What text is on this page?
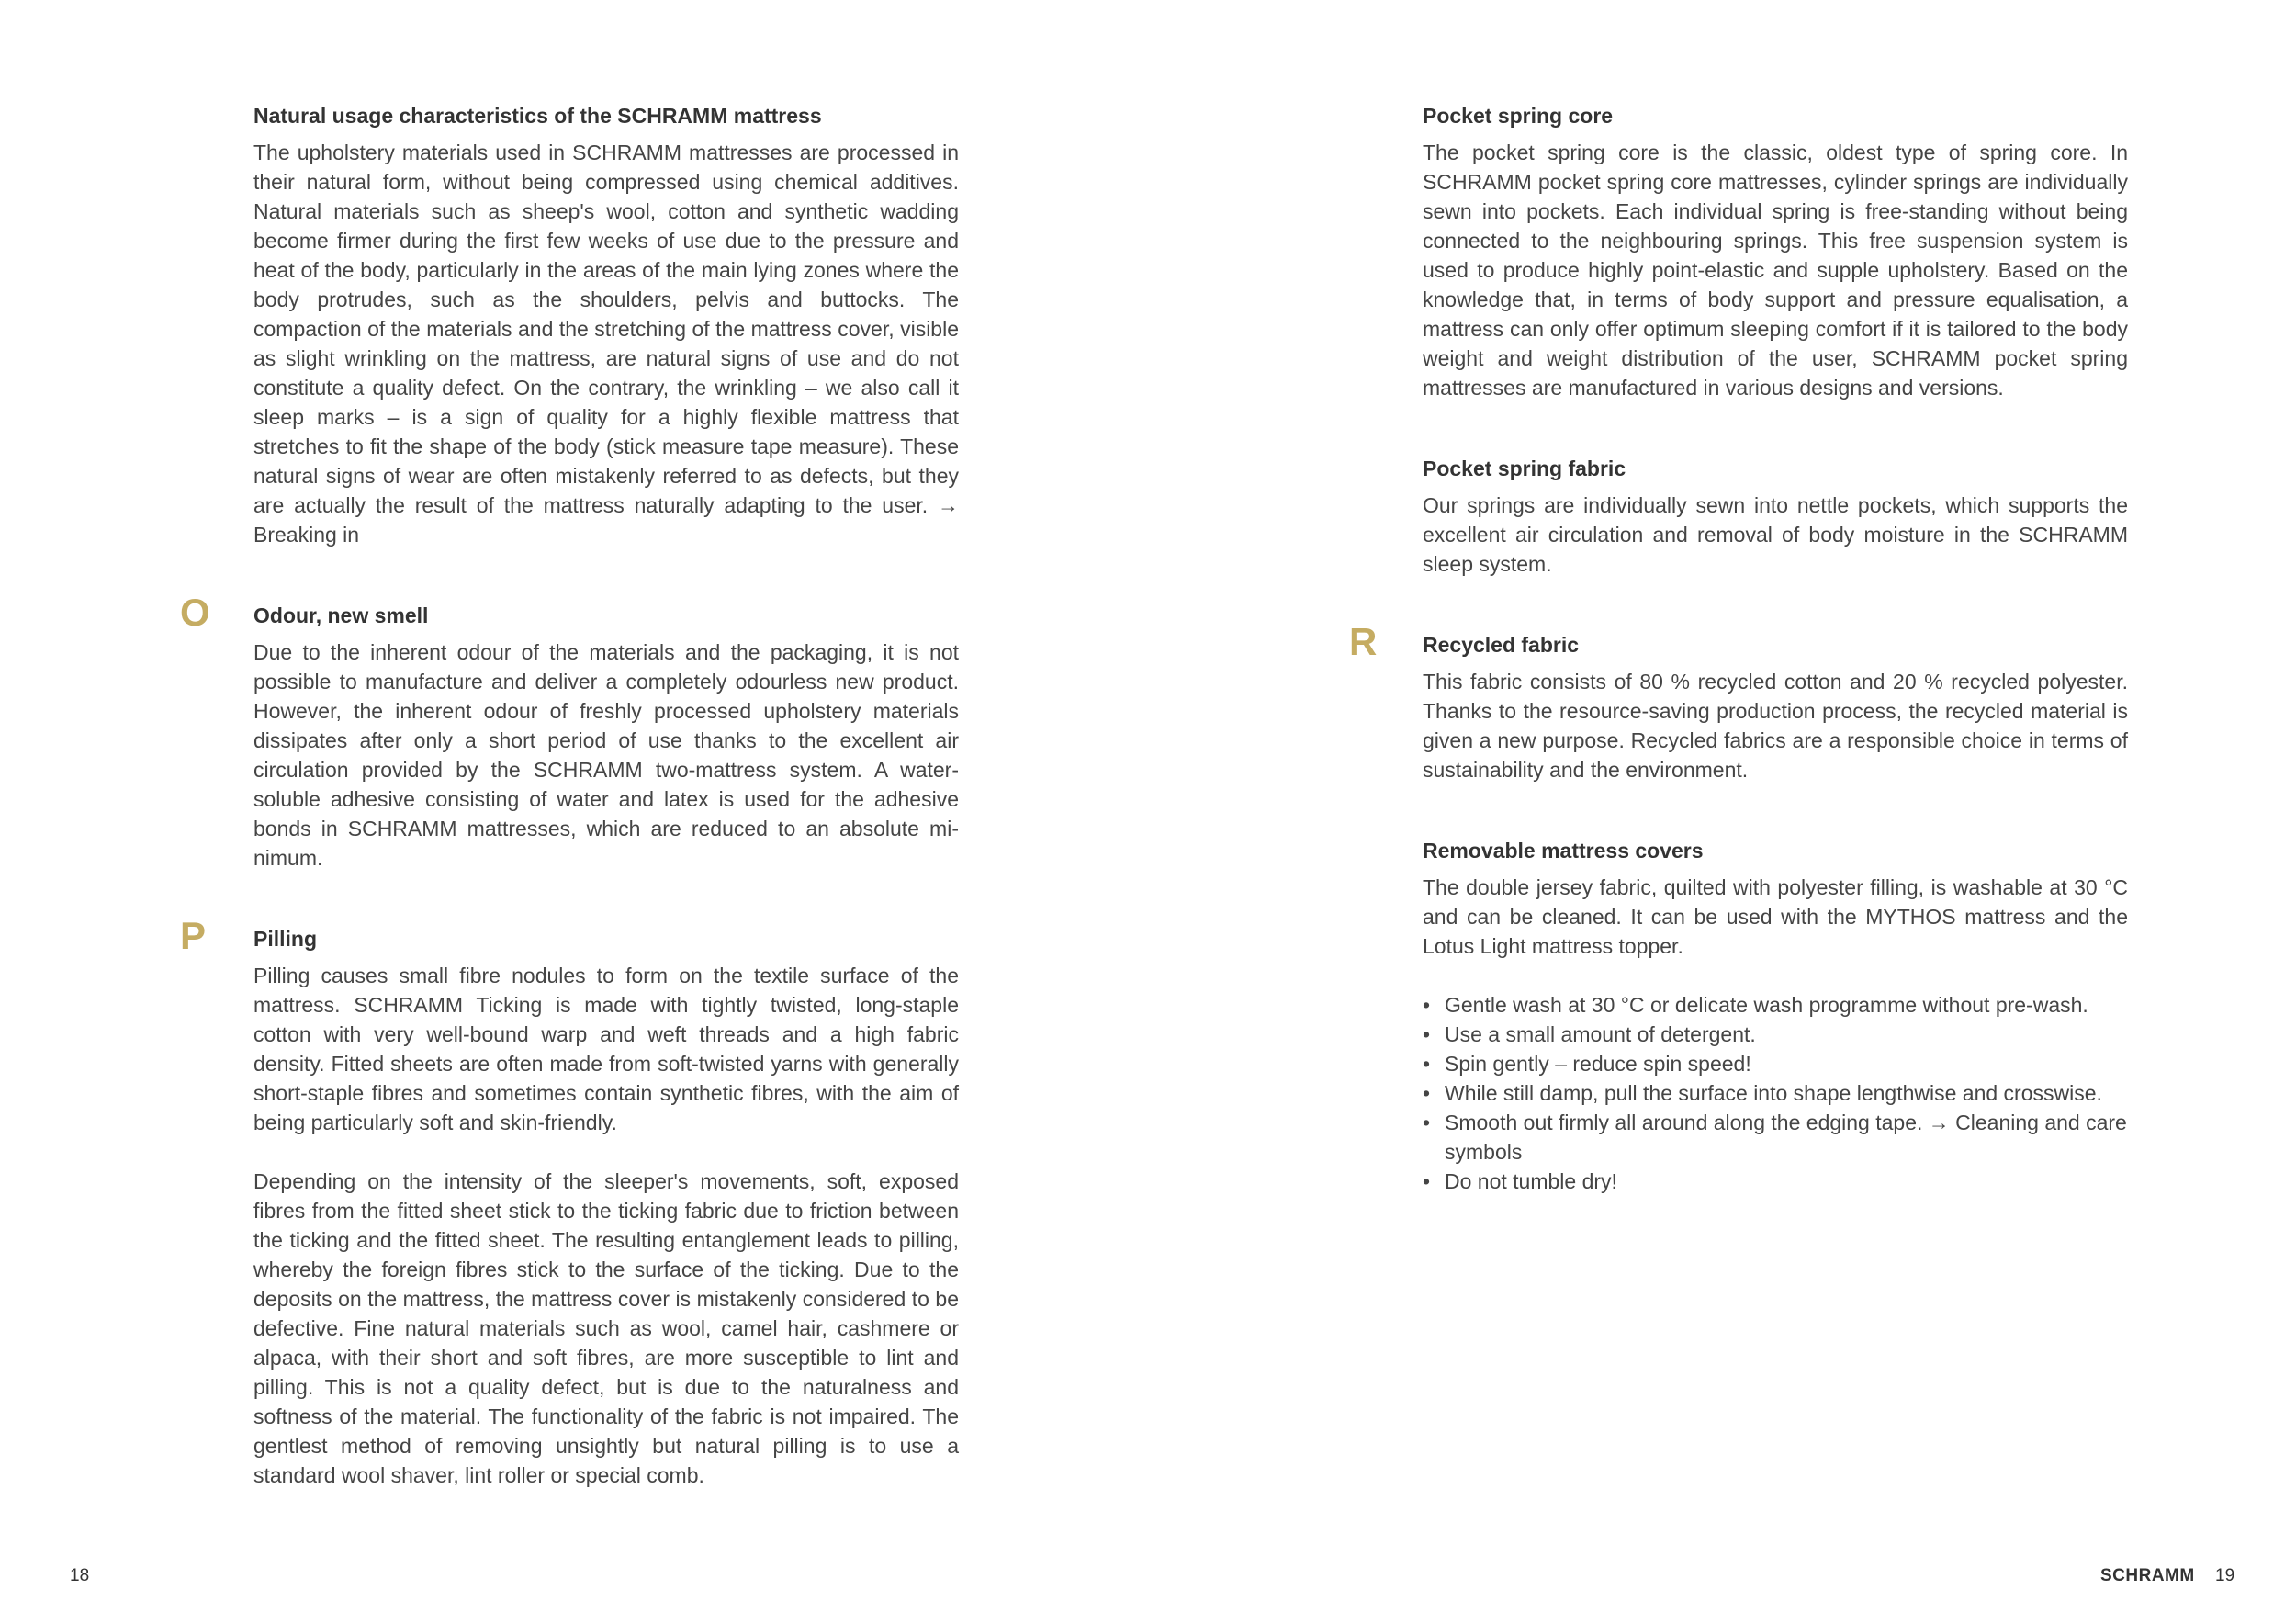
Natural usage characteristics of the SCHRAMM mattress

The upholstery materials used in SCHRAMM mattresses are processed in their natural form, without being compressed using chemical additives. Natural materials such as sheep's wool, cotton and synthetic wadding become firmer during the first few weeks of use due to the pressure and heat of the body, particularly in the areas of the main lying zones where the body protrudes, such as the shoulders, pelvis and buttocks. The compaction of the materials and the stretching of the mattress cover, visible as slight wrinkling on the mattress, are natural signs of use and do not constitute a quality defect. On the contrary, the wrinkling – we also call it sleep marks – is a sign of quality for a highly flexible mattress that stretches to fit the shape of the body (stick measure tape measure). These natural signs of wear are often mistakenly referred to as defects, but they are actually the result of the mattress naturally adapting to the user. → Breaking in

O Odour, new smell

Due to the inherent odour of the materials and the packaging, it is not possible to manufacture and deliver a completely odourless new product. However, the inherent odour of freshly processed upholstery materials dissipates after only a short period of use thanks to the excellent air circulation provided by the SCHRAMM two-mattress system. A water-soluble adhesive consisting of water and latex is used for the adhesive bonds in SCHRAMM mattresses, which are reduced to an absolute minimum.

P Pilling

Pilling causes small fibre nodules to form on the textile surface of the mattress. SCHRAMM Ticking is made with tightly twisted, long-staple cotton with very well-bound warp and weft threads and a high fabric density. Fitted sheets are often made from soft-twisted yarns with generally short-staple fibres and sometimes contain synthetic fibres, with the aim of being particularly soft and skin-friendly.

Depending on the intensity of the sleeper's movements, soft, exposed fibres from the fitted sheet stick to the ticking fabric due to friction between the ticking and the fitted sheet. The resulting entanglement leads to pilling, whereby the foreign fibres stick to the surface of the ticking. Due to the deposits on the mattress, the mattress cover is mistakenly considered to be defective. Fine natural materials such as wool, camel hair, cashmere or alpaca, with their short and soft fibres, are more susceptible to lint and pilling. This is not a quality defect, but is due to the naturalness and softness of the material. The functionality of the fabric is not impaired. The gentlest method of removing unsightly but natural pilling is to use a standard wool shaver, lint roller or special comb.

Pocket spring core

The pocket spring core is the classic, oldest type of spring core. In SCHRAMM pocket spring core mattresses, cylinder springs are individually sewn into pockets. Each individual spring is free-standing without being connected to the neighbouring springs. This free suspension system is used to produce highly point-elastic and supple upholstery. Based on the knowledge that, in terms of body support and pressure equalisation, a mattress can only offer optimum sleeping comfort if it is tailored to the body weight and weight distribution of the user, SCHRAMM pocket spring mattresses are manufactured in various designs and versions.

Pocket spring fabric

Our springs are individually sewn into nettle pockets, which supports the excellent air circulation and removal of body moisture in the SCHRAMM sleep system.

R Recycled fabric

This fabric consists of 80 % recycled cotton and 20 % recycled polyester. Thanks to the resource-saving production process, the recycled material is given a new purpose. Recycled fabrics are a responsible choice in terms of sustainability and the environment.

Removable mattress covers

The double jersey fabric, quilted with polyester filling, is washable at 30 °C and can be cleaned. It can be used with the MYTHOS mattress and the Lotus Light mattress topper.

• Gentle wash at 30 °C or delicate wash programme without pre-wash.
• Use a small amount of detergent.
• Spin gently – reduce spin speed!
• While still damp, pull the surface into shape lengthwise and crosswise.
• Smooth out firmly all around along the edging tape. → Cleaning and care symbols
• Do not tumble dry!
18	SCHRAMM 19
